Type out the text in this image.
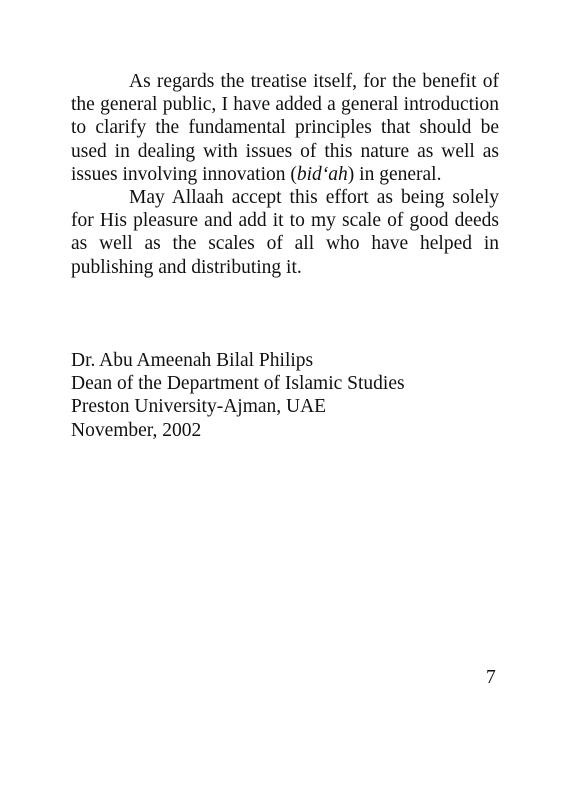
As regards the treatise itself, for the benefit of the general public, I have added a general introduction to clarify the fundamental principles that should be used in dealing with issues of this nature as well as issues involving innovation (bid‘ah) in general.

May Allaah accept this effort as being solely for His pleasure and add it to my scale of good deeds as well as the scales of all who have helped in publishing and distributing it.

Dr. Abu Ameenah Bilal Philips
Dean of the Department of Islamic Studies
Preston University-Ajman, UAE
November, 2002
7
